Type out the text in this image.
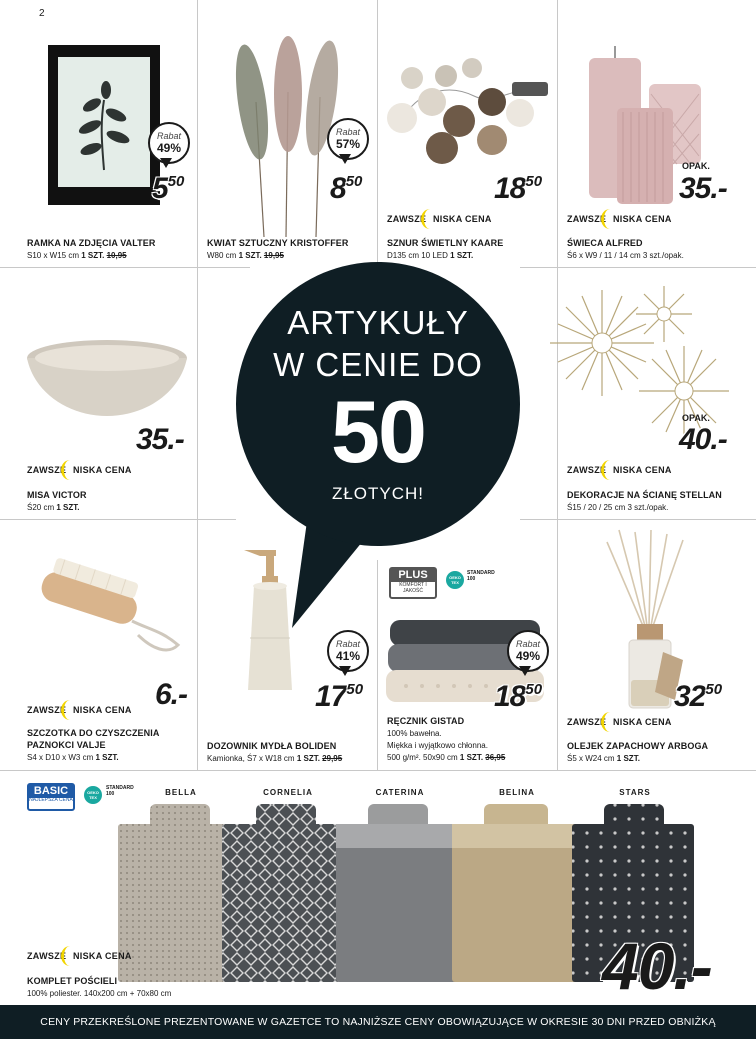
2
Rabat
49%
$5^{50}$
RAMKA NA ZDJĘCIA VALTER
S10 x W15 cm 1 SZT. 10,95
Rabat
57%
$8^{50}$
KWIAT SZTUCZNY KRISTOFFER
W80 cm 1 SZT. 19,95
$18^{50}$
ZAWSZE NISKA CENA
SZNUR ŚWIETLNY KAARE
D135 cm 10 LED 1 SZT.
OPAK.
35.-
ZAWSZE NISKA CENA
ŚWIECA ALFRED
Ś6 x W9 / 11 / 14 cm 3 szt./opak.
35.-
ZAWSZE NISKA CENA
MISA VICTOR
Ś20 cm 1 SZT.
ARTYKUŁY
W CENIE DO
50
ZŁOTYCH!
OPAK.
40.-
ZAWSZE NISKA CENA
DEKORACJE NA ŚCIANĘ STELLAN
Ś15 / 20 / 25 cm 3 szt./opak.
6.-
ZAWSZE NISKA CENA
SZCZOTKA DO CZYSZCZENIA
PAZNOKCI VALJE
S4 x D10 x W3 cm 1 SZT.
Rabat
41%
$17^{50}$
DOZOWNIK MYDŁA BOLIDEN
Kamionka, Ś7 x W18 cm 1 SZT. 29,95
PLUS
KOMFORT I JAKOŚĆ
OEKO TEX
STANDARD 100
Rabat
49%
$18^{50}$
RĘCZNIK GISTAD
100% bawełna.
Miękka i wyjątkowo chłonna.
500 g/m². 50x90 cm 1 SZT. 36,95
$32^{50}$
ZAWSZE NISKA CENA
OLEJEK ZAPACHOWY ARBOGA
Ś5 x W24 cm 1 SZT.
BASIC
NAJLEPSZA CENA
OEKO TEX
STANDARD 100	BELLA	CORNELIA	CATERINA	BELINA	STARS
ZAWSZE NISKA CENA
KOMPLET POŚCIELI
100% poliester. 140x200 cm + 70x80 cm	40.-
CENY PRZEKREŚLONE PREZENTOWANE W GAZETCE TO NAJNIŻSZE CENY OBOWIĄZUJĄCE W OKRESIE 30 DNI PRZED OBNIŻKĄ
